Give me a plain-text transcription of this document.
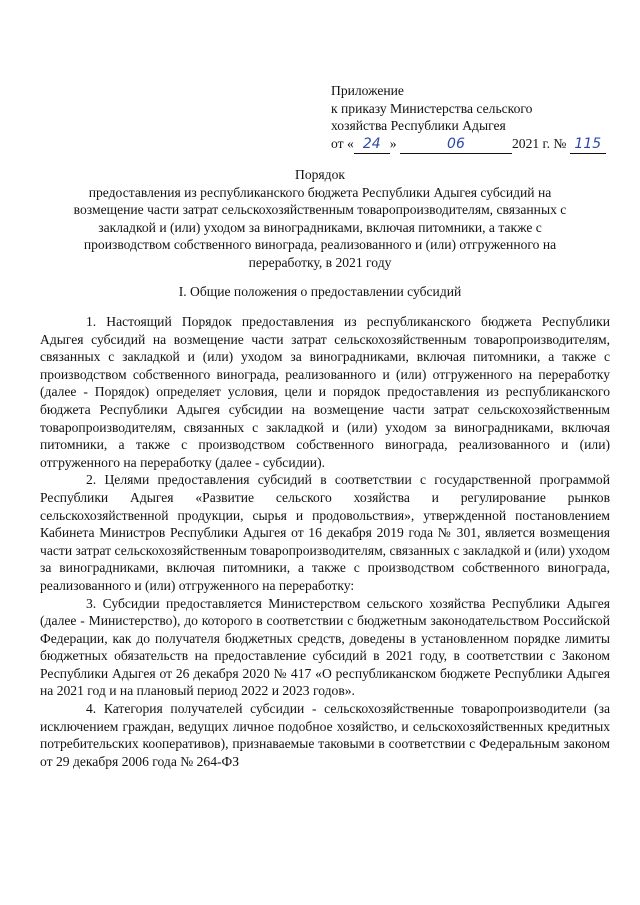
Приложение
к приказу Министерства сельского
хозяйства Республики Адыгея
от « 24 »	06	2021 г. № 115
Порядок
предоставления из республиканского бюджета Республики Адыгея субсидий на
возмещение части затрат сельскохозяйственным товаропроизводителям, связанных с
закладкой и (или) уходом за виноградниками, включая питомники, а также с
производством собственного винограда, реализованного и (или) отгруженного на
переработку, в 2021 году
I. Общие положения о предоставлении субсидий

1. Настоящий Порядок предоставления из республиканского бюджета Республики Адыгея субсидий на возмещение части затрат сельскохозяйственным товаропроизводителям, связанных с закладкой и (или) уходом за виноградниками, включая питомники, а также с производством собственного винограда, реализованного и (или) отгруженного на переработку (далее - Порядок) определяет условия, цели и порядок предоставления из республиканского бюджета Республики Адыгея субсидии на возмещение части затрат сельскохозяйственным товаропроизводителям, связанных с закладкой и (или) уходом за виноградниками, включая питомники, а также с производством собственного винограда, реализованного и (или) отгруженного на переработку (далее - субсидии).

2. Целями предоставления субсидий в соответствии с государственной программой Республики Адыгея «Развитие сельского хозяйства и регулирование рынков сельскохозяйственной продукции, сырья и продовольствия», утвержденной постановлением Кабинета Министров Республики Адыгея от 16 декабря 2019 года № 301, является возмещения части затрат сельскохозяйственным товаропроизводителям, связанных с закладкой и (или) уходом за виноградниками, включая питомники, а также с производством собственного винограда, реализованного и (или) отгруженного на переработку:

3. Субсидии предоставляется Министерством сельского хозяйства Республики Адыгея (далее - Министерство), до которого в соответствии с бюджетным законодательством Российской Федерации, как до получателя бюджетных средств, доведены в установленном порядке лимиты бюджетных обязательств на предоставление субсидий в 2021 году, в соответствии с Законом Республики Адыгея от 26 декабря 2020 № 417 «О республиканском бюджете Республики Адыгея на 2021 год и на плановый период 2022 и 2023 годов».

4. Категория получателей субсидии - сельскохозяйственные товаропроизводители (за исключением граждан, ведущих личное подобное хозяйство, и сельскохозяйственных кредитных потребительских кооперативов), признаваемые таковыми в соответствии с Федеральным законом от 29 декабря 2006 года № 264-ФЗ
